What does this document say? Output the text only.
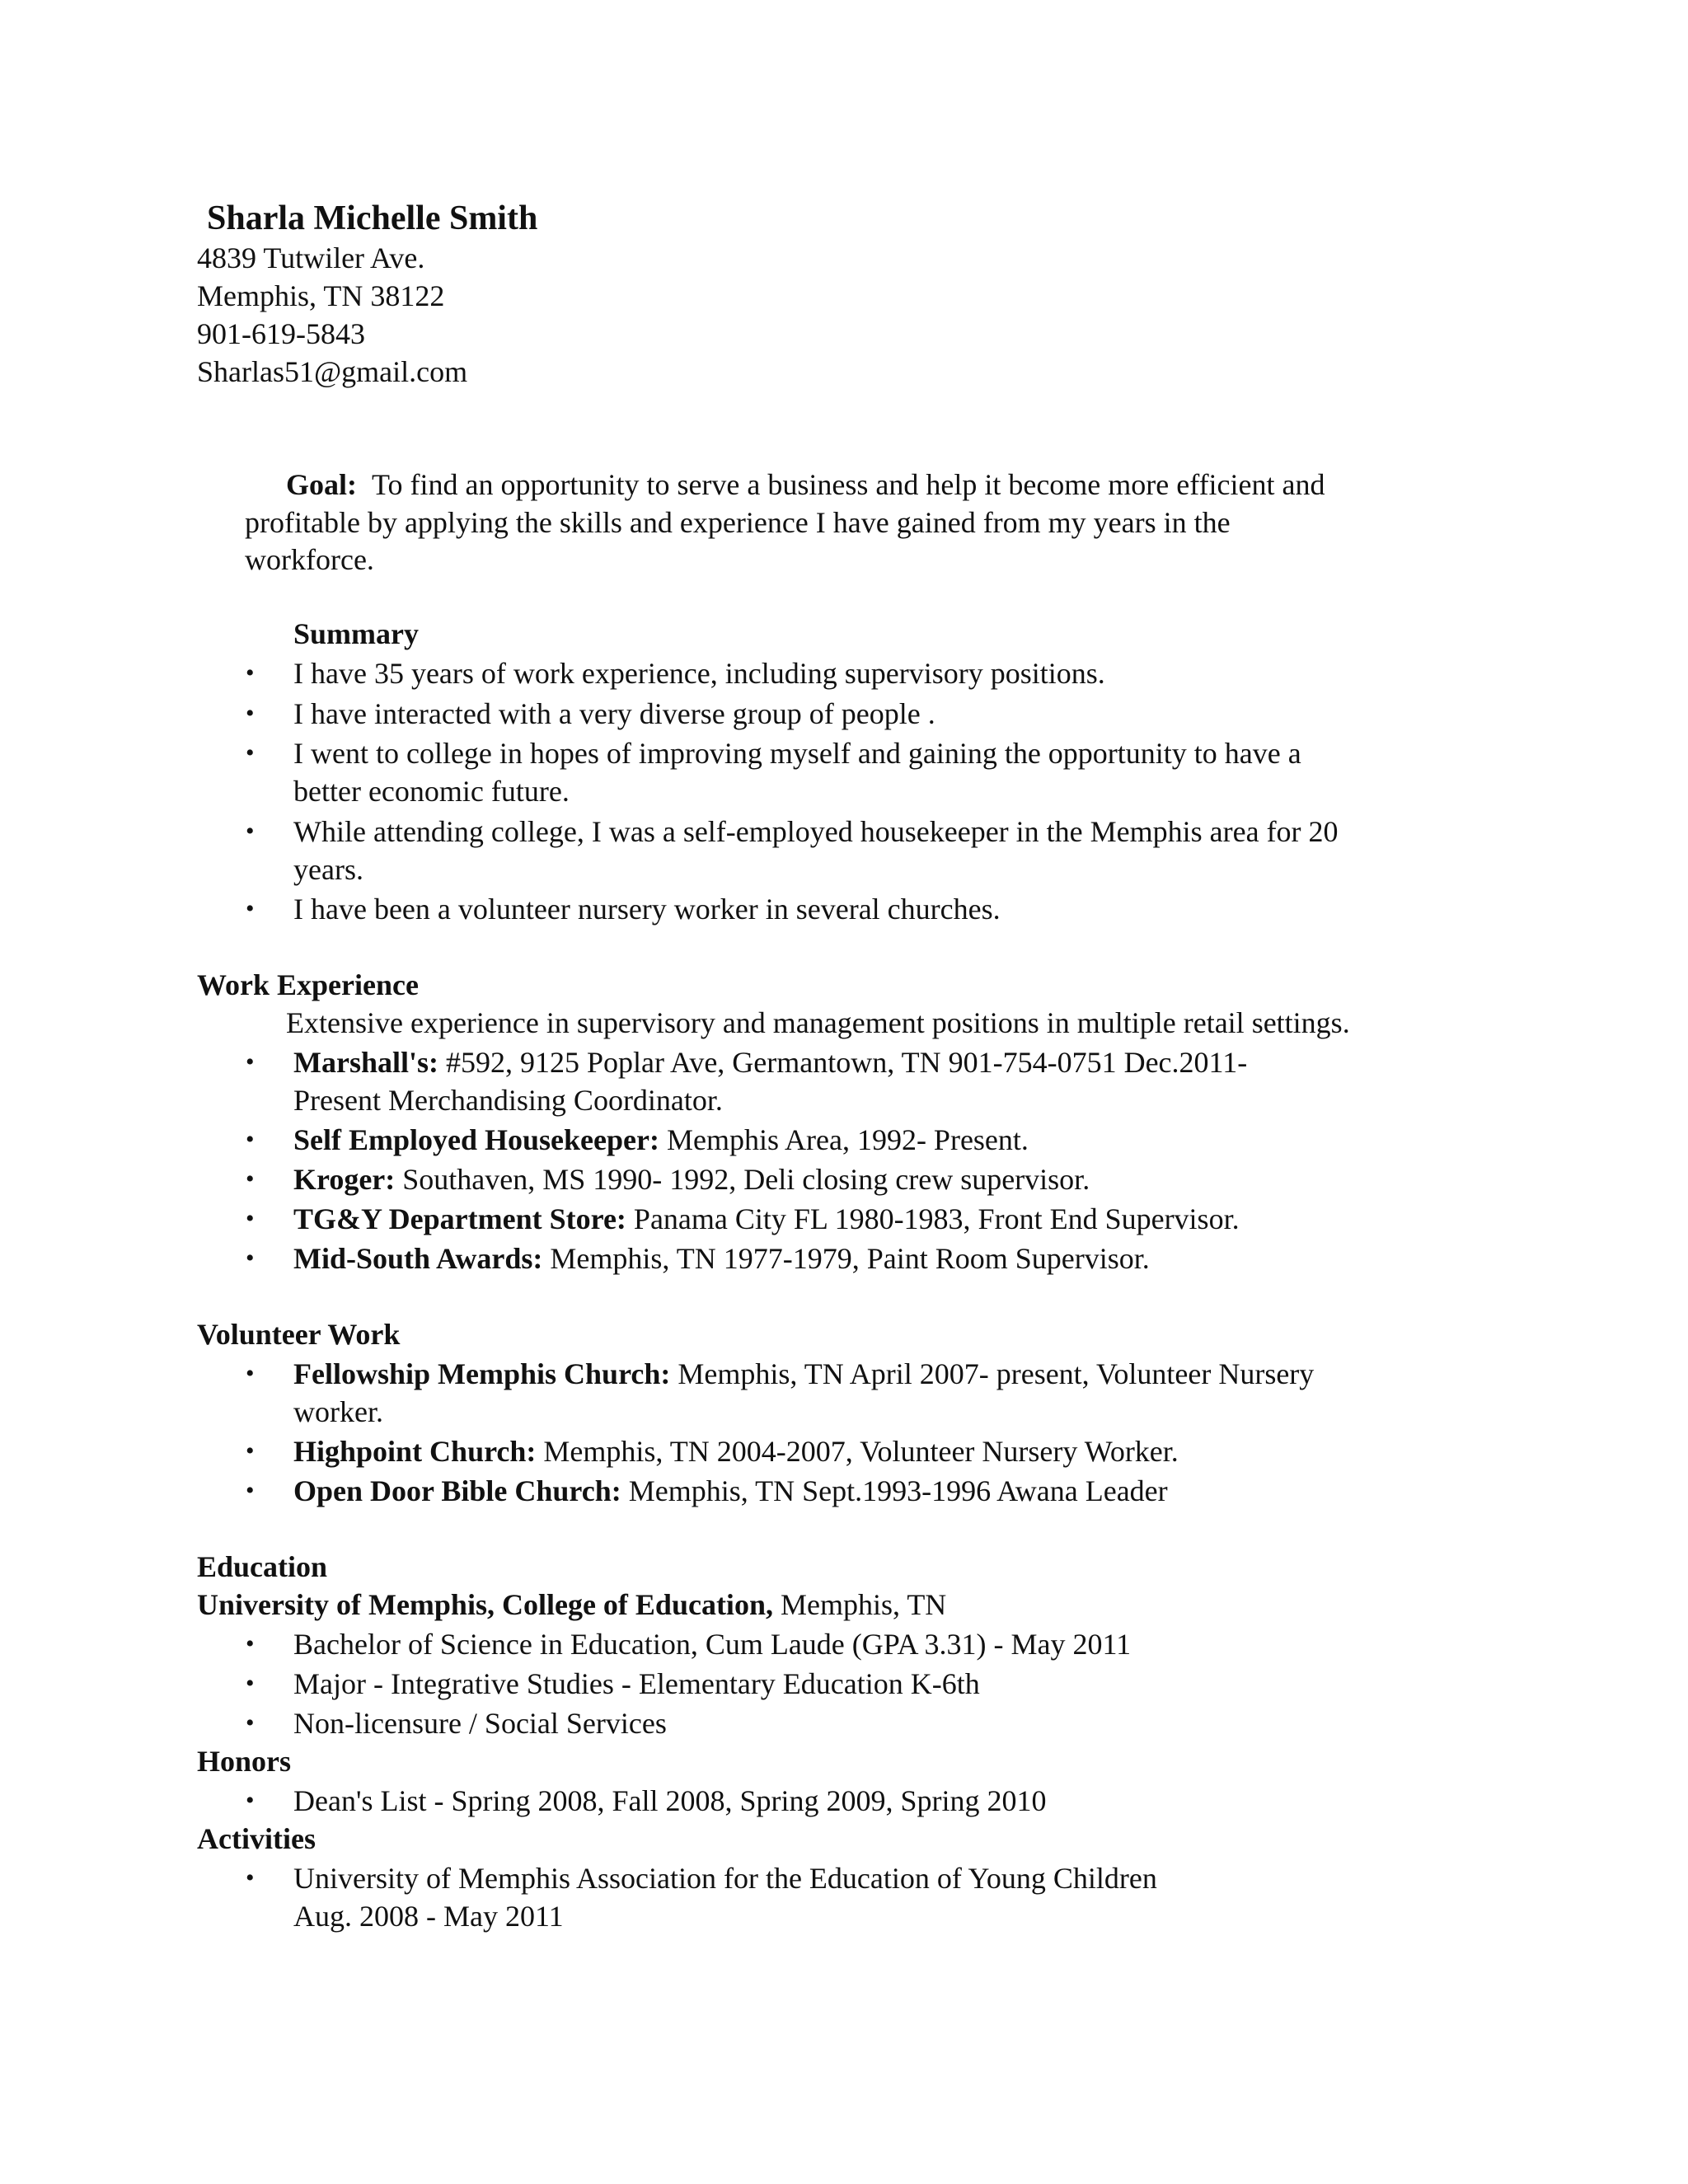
Sharla Michelle Smith
4839 Tutwiler Ave.
Memphis, TN 38122
901-619-5843
Sharlas51@gmail.com
Goal: To find an opportunity to serve a business and help it become more efficient and
profitable by applying the skills and experience I have gained from my years in the
workforce.
Summary
• I have 35 years of work experience, including supervisory positions.
• I have interacted with a very diverse group of people .
• I went to college in hopes of improving myself and gaining the opportunity to have a
better economic future.
• While attending college, I was a self-employed housekeeper in the Memphis area for 20
years.
• I have been a volunteer nursery worker in several churches.
Work Experience
Extensive experience in supervisory and management positions in multiple retail settings.
• Marshall's: #592, 9125 Poplar Ave, Germantown, TN 901-754-0751 Dec.2011-
Present Merchandising Coordinator.
• Self Employed Housekeeper: Memphis Area, 1992- Present.
• Kroger: Southaven, MS 1990- 1992, Deli closing crew supervisor.
• TG&Y Department Store: Panama City FL 1980-1983, Front End Supervisor.
• Mid-South Awards: Memphis, TN 1977-1979, Paint Room Supervisor.
Volunteer Work
• Fellowship Memphis Church: Memphis, TN April 2007- present, Volunteer Nursery
worker.
• Highpoint Church: Memphis, TN 2004-2007, Volunteer Nursery Worker.
• Open Door Bible Church: Memphis, TN Sept.1993-1996 Awana Leader
Education
University of Memphis, College of Education, Memphis, TN
• Bachelor of Science in Education, Cum Laude (GPA 3.31) - May 2011
• Major - Integrative Studies - Elementary Education K-6th
• Non-licensure / Social Services
Honors
• Dean's List - Spring 2008, Fall 2008, Spring 2009, Spring 2010
Activities
• University of Memphis Association for the Education of Young Children
Aug. 2008 - May 2011
